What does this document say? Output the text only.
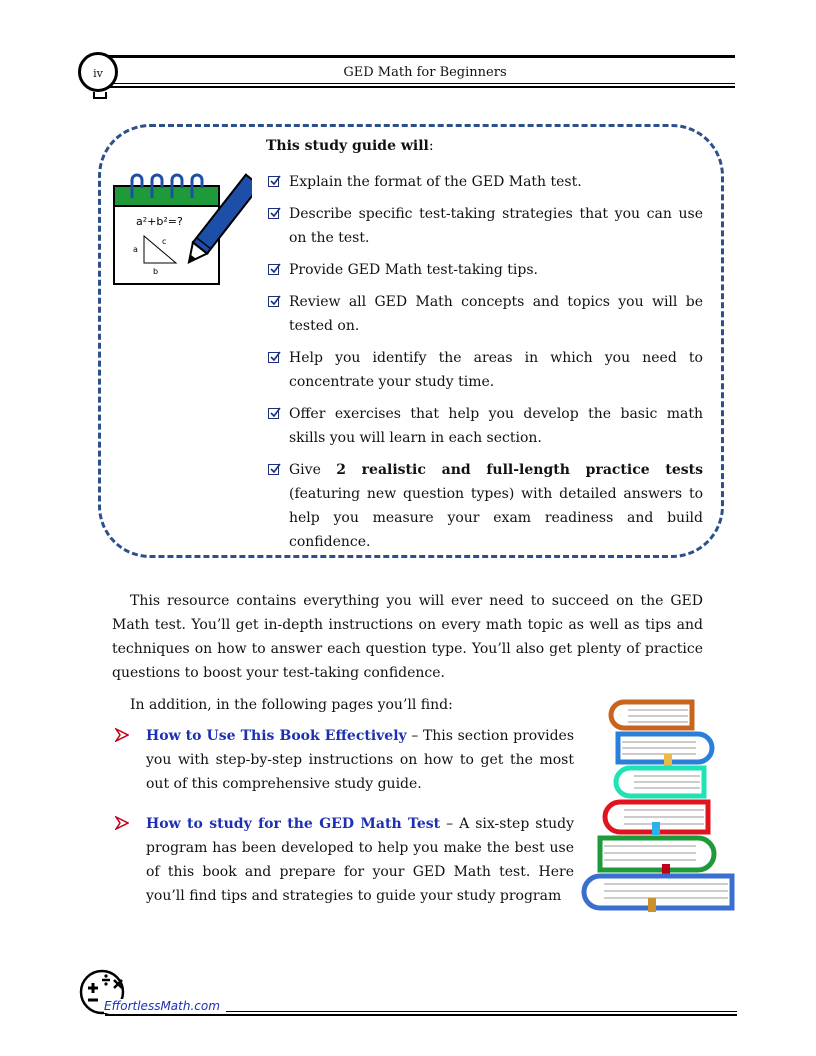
iv	GED Math for Beginners
a²+b²=?
a
b
c
This study guide will:
Explain the format of the GED Math test.
Describe specific test-taking strategies that you can use on the test.
Provide GED Math test-taking tips.
Review all GED Math concepts and topics you will be tested on.
Help you identify the areas in which you need to concentrate your study time.
Offer exercises that help you develop the basic math skills you will learn in each section.
Give 2 realistic and full-length practice tests (featuring new question types) with detailed answers to help you measure your exam readiness and build confidence.

This resource contains everything you will ever need to succeed on the GED Math test. You’ll get in-depth instructions on every math topic as well as tips and techniques on how to answer each question type. You’ll also get plenty of practice questions to boost your test-taking confidence.

In addition, in the following pages you’ll find:
How to Use This Book Effectively – This section provides you with step-by-step instructions on how to get the most out of this comprehensive study guide.
How to study for the GED Math Test – A six-step study program has been developed to help you make the best use of this book and prepare for your GED Math test. Here you’ll find tips and strategies to guide your study program
EffortlessMath.com
